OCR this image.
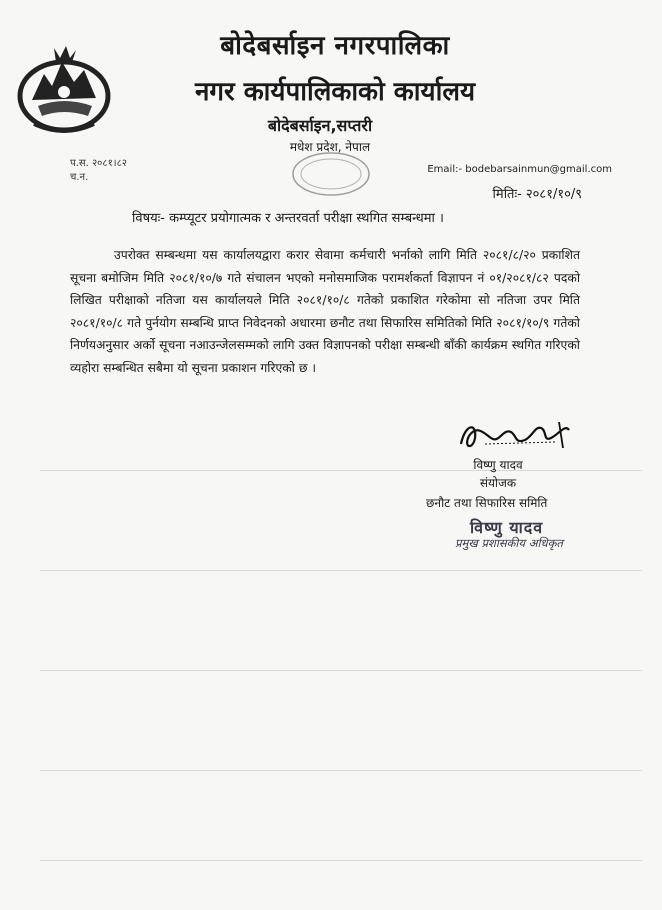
बोदेबर्साइन नगरपालिका
नगर कार्यपालिकाको कार्यालय
बोदेबर्साइन,सप्तरी
मधेश प्रदेश, नेपाल
प.स. २०८१।८२
च.न.
Email:- bodebarsainmun@gmail.com
मितिः- २०८१/१०/९
विषयः- कम्प्यूटर प्रयोगात्मक र अन्तरवर्ता परीक्षा स्थगित सम्बन्धमा ।
उपरोक्त सम्बन्धमा यस कार्यालयद्वारा करार सेवामा कर्मचारी भर्नाको लागि मिति २०८१/८/२० प्रकाशित सूचना बमोजिम मिति २०८१/१०/७ गते संचालन भएको मनोसमाजिक परामर्शकर्ता विज्ञापन नं ०१/२०८१/८२ पदको लिखित परीक्षाको नतिजा यस कार्यालयले मिति २०८१/१०/८ गतेको प्रकाशित गरेकोमा सो नतिजा उपर मिति २०८१/१०/८ गते पुर्नयोग सम्बन्धि प्राप्त निवेदनको अधारमा छनौट तथा सिफारिस समितिको मिति २०८१/१०/९ गतेको निर्णयअनुसार अर्को सूचना नआउन्जेलसम्मको लागि उक्त विज्ञापनको परीक्षा सम्बन्धी बाँकी कार्यक्रम स्थगित गरिएको व्यहोरा सम्बन्धित सबैमा यो सूचना प्रकाशन गरिएको छ ।
विष्णु यादव
संयोजक
छनौट तथा सिफारिस समिति
विष्णु यादव
प्रमुख प्रशासकीय अधिकृत
